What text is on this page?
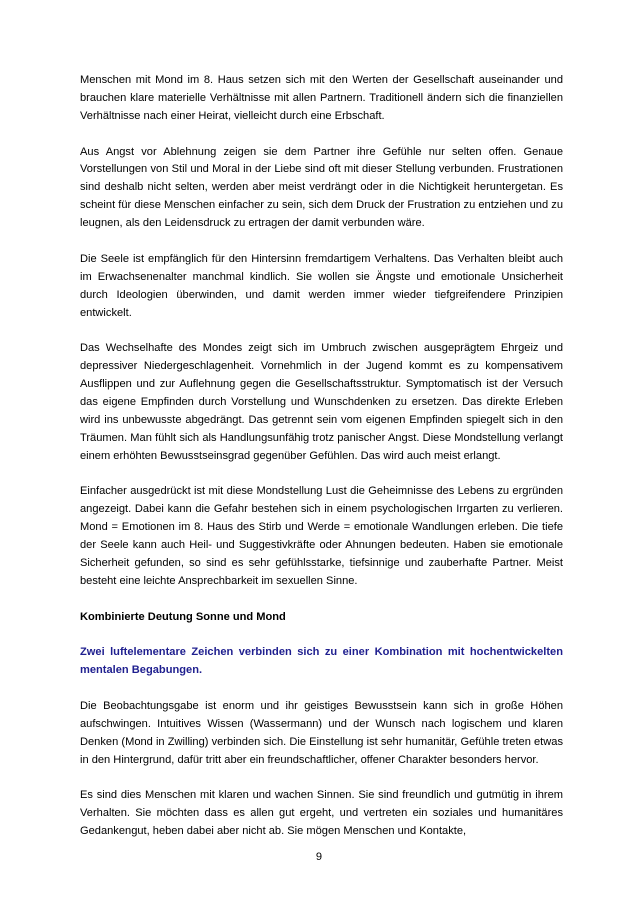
Menschen mit Mond im 8. Haus setzen sich mit den Werten der Gesellschaft auseinander und brauchen klare materielle Verhältnisse mit allen Partnern. Traditionell ändern sich die finanziellen Verhältnisse nach einer Heirat, vielleicht durch eine Erbschaft.

Aus Angst vor Ablehnung zeigen sie dem Partner ihre Gefühle nur selten offen. Genaue Vorstellungen von Stil und Moral in der Liebe sind oft mit dieser Stellung verbunden. Frustrationen sind deshalb nicht selten, werden aber meist verdrängt oder in die Nichtigkeit heruntergetan. Es scheint für diese Menschen einfacher zu sein, sich dem Druck der Frustration zu entziehen und zu leugnen, als den Leidensdruck zu ertragen der damit verbunden wäre.

Die Seele ist empfänglich für den Hintersinn fremdartigem Verhaltens. Das Verhalten bleibt auch im Erwachsenenalter manchmal kindlich. Sie wollen sie Ängste und emotionale Unsicherheit durch Ideologien überwinden, und damit werden immer wieder tiefgreifendere Prinzipien entwickelt.

Das Wechselhafte des Mondes zeigt sich im Umbruch zwischen ausgeprägtem Ehrgeiz und depressiver Niedergeschlagenheit. Vornehmlich in der Jugend kommt es zu kompensativem Ausflippen und zur Auflehnung gegen die Gesellschaftsstruktur. Symptomatisch ist der Versuch das eigene Empfinden durch Vorstellung und Wunschdenken zu ersetzen. Das direkte Erleben wird ins unbewusste abgedrängt. Das getrennt sein vom eigenen Empfinden spiegelt sich in den Träumen. Man fühlt sich als Handlungsunfähig trotz panischer Angst. Diese Mondstellung verlangt einem erhöhten Bewusstseinsgrad gegenüber Gefühlen. Das wird auch meist erlangt.

Einfacher ausgedrückt ist mit diese Mondstellung Lust die Geheimnisse des Lebens zu ergründen angezeigt. Dabei kann die Gefahr bestehen sich in einem psychologischen Irrgarten zu verlieren. Mond = Emotionen im 8. Haus des Stirb und Werde = emotionale Wandlungen erleben. Die tiefe der Seele kann auch Heil- und Suggestivkräfte oder Ahnungen bedeuten. Haben sie emotionale Sicherheit gefunden, so sind es sehr gefühlsstarke, tiefsinnige und zauberhafte Partner. Meist besteht eine leichte Ansprechbarkeit im sexuellen Sinne.

Kombinierte Deutung Sonne und Mond

Zwei luftelementare Zeichen verbinden sich zu einer Kombination mit hochentwickelten mentalen Begabungen.

Die Beobachtungsgabe ist enorm und ihr geistiges Bewusstsein kann sich in große Höhen aufschwingen. Intuitives Wissen (Wassermann) und der Wunsch nach logischem und klaren Denken (Mond in Zwilling) verbinden sich. Die Einstellung ist sehr humanitär, Gefühle treten etwas in den Hintergrund, dafür tritt aber ein freundschaftlicher, offener Charakter besonders hervor.

Es sind dies Menschen mit klaren und wachen Sinnen. Sie sind freundlich und gutmütig in ihrem Verhalten. Sie möchten dass es allen gut ergeht, und vertreten ein soziales und humanitäres Gedankengut, heben dabei aber nicht ab. Sie mögen Menschen und Kontakte,

9
